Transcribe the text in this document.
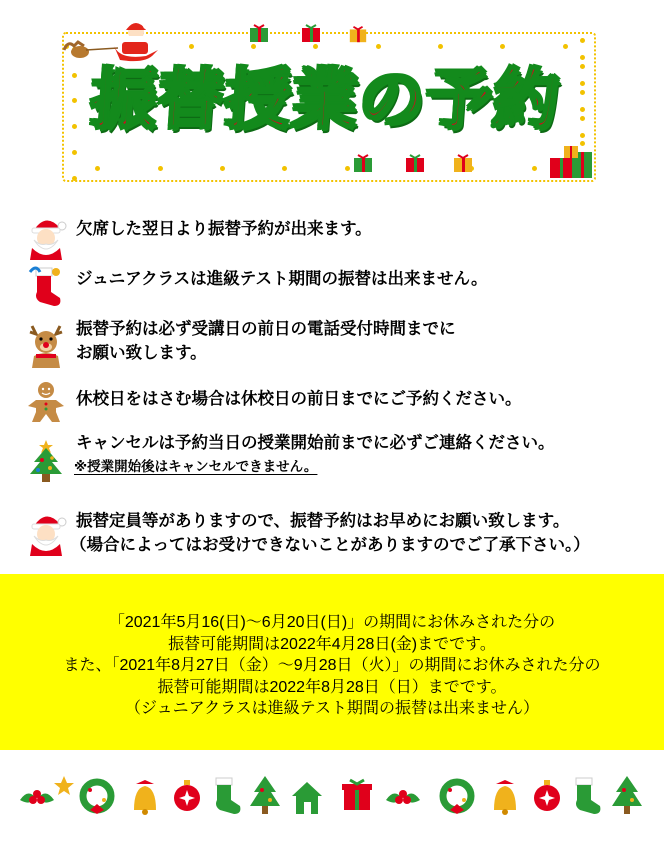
振替授業の予約
欠席した翌日より振替予約が出来ます。
ジュニアクラスは進級テスト期間の振替は出来ません。
振替予約は必ず受講日の前日の電話受付時間までに
お願い致します。
休校日をはさむ場合は休校日の前日までにご予約ください。
キャンセルは予約当日の授業開始前までに必ずご連絡ください。
※授業開始後はキャンセルできません。
振替定員等がありますので、振替予約はお早めにお願い致します。
（場合によってはお受けできないことがありますのでご了承下さい。）
「2021年5月16(日)～6月20日(日)」の期間にお休みされた分の
振替可能期間は2022年4月28日(金)までです。
また、「2021年8月27日（金）～9月28日（火）」の期間にお休みされた分の
振替可能期間は2022年8月28日（日）までです。
（ジュニアクラスは進級テスト期間の振替は出来ません）
